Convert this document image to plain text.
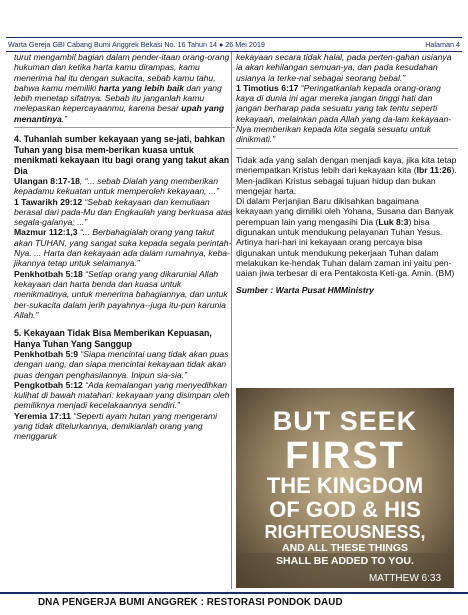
Warta Gereja GBI Cabang Bumi Anggrek Bekasi No. 16 Tahun 14 ● 26 Mei 2019	Halaman 4

turut mengambil bagian dalam pender-itaan orang-orang hukuman dan ketika harta kamu dirampas, kamu menerima hal itu dengan sukacita, sebab kamu tahu, bahwa kamu memiliki harta yang lebih baik dan yang lebih menetap sifatnya. Sebab itu janganlah kamu melepaskan kepercayaanmu, karena besar upah yang menantinya.”

4. Tuhanlah sumber kekayaan yang se-jati, bahkan Tuhan yang bisa mem-berikan kuasa untuk menikmati kekayaan itu bagi orang yang takut akan Dia

Ulangan 8:17-18, “... sebab Dialah yang memberikan kepadamu kekuatan untuk memperoleh kekayaan, ...”

1 Tawarikh 29:12 “Sebab kekayaan dan kemuliaan berasal dari pada-Mu dan Engkaulah yang berkuasa atas segala-galanya; ...”

Mazmur 112:1,3 “... Berbahagialah orang yang takut akan TUHAN, yang sangat suka kepada segala perintah-Nya. ... Harta dan kekayaan ada dalam rumahnya, keba-jikannya tetap untuk selamanya.”

Penkhotbah 5:18 “Setiap orang yang dikaruniai Allah kekayaan dan harta benda dan kuasa untuk menikmatinya, untuk menerima bahagiannya, dan untuk ber-sukacita dalam jerih payahnya--juga itu-pun karunia Allah.”

5. Kekayaan Tidak Bisa Memberikan Kepuasan, Hanya Tuhan Yang Sanggup

Penkhotbah 5:9 “Siapa mencintai uang tidak akan puas dengan uang, dan siapa mencintai kekayaan tidak akan puas dengan penghasilannya. Inipun sia-sia.”

Pengkotbah 5:12 “Ada kemalangan yang menyedihkan kulihat di bawah matahari: kekayaan yang disimpan oleh pemiliknya menjadi kecelakaannya sendiri.”

Yeremia 17:11 “Seperti ayam hutan yang mengerami yang tidak ditelurkannya, demikianlah orang yang menggaruk

kekayaan secara tidak halal, pada perten-gahan usianya ia akan kehilangan semuan-ya, dan pada kesudahan usianya ia terke-nal sebagai seorang bebal.”

1 Timotius 6:17 “Peringatkanlah kepada orang-orang kaya di dunia ini agar mereka jangan tinggi hati dan jangan berharap pada sesuatu yang tak tentu seperti kekayaan, melainkan pada Allah yang da-lam kekayaan-Nya memberikan kepada kita segala sesuatu untuk dinikmati.”

Tidak ada yang salah dengan menjadi kaya, jika kita tetap menempatkan Kristus lebih dari kekayaan kita (Ibr 11:26). Men-jadikan Kristus sebagai tujuan hidup dan bukan mengejar harta.

Di dalam Perjanjian Baru dikisahkan bagaimana kekayaan yang dimiliki oleh Yohana, Susana dan Banyak perempuan lain yang mengasihi Dia (Luk 8:3) bisa digunakan untuk mendukung pelayanan Tuhan Yesus.

Artinya hari-hari ini kekayaan orang percaya bisa digunakan untuk mendukung pekerjaan Tuhan dalam melakukan ke-hendak Tuhan dalam zaman ini yaitu pen-uaian jiwa terbesar di era Pentakosta Keti-ga. Amin. (BM)

Sumber : Warta Pusat HMMinistry

BUT SEEK
FIRST
THE KINGDOM
OF GOD & HIS
RIGHTEOUSNESS,
AND ALL THESE THINGS
SHALL BE ADDED TO YOU.
MATTHEW 6:33
DNA PENGERJA BUMI ANGGREK : RESTORASI PONDOK DAUD
